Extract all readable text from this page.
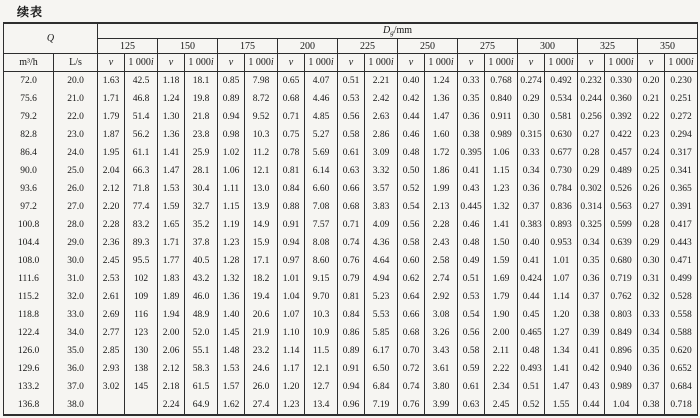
续表
Q		$D_g/mm$																			
		125		150		175		200		225		250		275		300		325		350	
m³/h	L/s	v	1 000i	v	1 000i	v	1 000i	v	1 000i	v	1 000i	v	1 000i	v	1 000i	v	1 000i	v	1 000i	v	1 000i
72.0	20.0	1.63	42.5	1.18	18.1	0.85	7.98	0.65	4.07	0.51	2.21	0.40	1.24	0.33	0.768	0.274	0.492	0.232	0.330	0.20	0.230
75.6	21.0	1.71	46.8	1.24	19.8	0.89	8.72	0.68	4.46	0.53	2.42	0.42	1.36	0.35	0.840	0.29	0.534	0.244	0.360	0.21	0.251
79.2	22.0	1.79	51.4	1.30	21.8	0.94	9.52	0.71	4.85	0.56	2.63	0.44	1.47	0.36	0.911	0.30	0.581	0.256	0.392	0.22	0.272
82.8	23.0	1.87	56.2	1.36	23.8	0.98	10.3	0.75	5.27	0.58	2.86	0.46	1.60	0.38	0.989	0.315	0.630	0.27	0.422	0.23	0.294
86.4	24.0	1.95	61.1	1.41	25.9	1.02	11.2	0.78	5.69	0.61	3.09	0.48	1.72	0.395	1.06	0.33	0.677	0.28	0.457	0.24	0.317
90.0	25.0	2.04	66.3	1.47	28.1	1.06	12.1	0.81	6.14	0.63	3.32	0.50	1.86	0.41	1.15	0.34	0.730	0.29	0.489	0.25	0.341
93.6	26.0	2.12	71.8	1.53	30.4	1.11	13.0	0.84	6.60	0.66	3.57	0.52	1.99	0.43	1.23	0.36	0.784	0.302	0.526	0.26	0.365
97.2	27.0	2.20	77.4	1.59	32.7	1.15	13.9	0.88	7.08	0.68	3.83	0.54	2.13	0.445	1.32	0.37	0.836	0.314	0.563	0.27	0.391
100.8	28.0	2.28	83.2	1.65	35.2	1.19	14.9	0.91	7.57	0.71	4.09	0.56	2.28	0.46	1.41	0.383	0.893	0.325	0.599	0.28	0.417
104.4	29.0	2.36	89.3	1.71	37.8	1.23	15.9	0.94	8.08	0.74	4.36	0.58	2.43	0.48	1.50	0.40	0.953	0.34	0.639	0.29	0.443
108.0	30.0	2.45	95.5	1.77	40.5	1.28	17.1	0.97	8.60	0.76	4.64	0.60	2.58	0.49	1.59	0.41	1.01	0.35	0.680	0.30	0.471
111.6	31.0	2.53	102	1.83	43.2	1.32	18.2	1.01	9.15	0.79	4.94	0.62	2.74	0.51	1.69	0.424	1.07	0.36	0.719	0.31	0.499
115.2	32.0	2.61	109	1.89	46.0	1.36	19.4	1.04	9.70	0.81	5.23	0.64	2.92	0.53	1.79	0.44	1.14	0.37	0.762	0.32	0.528
118.8	33.0	2.69	116	1.94	48.9	1.40	20.6	1.07	10.3	0.84	5.53	0.66	3.08	0.54	1.90	0.45	1.20	0.38	0.803	0.33	0.558
122.4	34.0	2.77	123	2.00	52.0	1.45	21.9	1.10	10.9	0.86	5.85	0.68	3.26	0.56	2.00	0.465	1.27	0.39	0.849	0.34	0.588
126.0	35.0	2.85	130	2.06	55.1	1.48	23.2	1.14	11.5	0.89	6.17	0.70	3.43	0.58	2.11	0.48	1.34	0.41	0.896	0.35	0.620
129.6	36.0	2.93	138	2.12	58.3	1.53	24.6	1.17	12.1	0.91	6.50	0.72	3.61	0.59	2.22	0.493	1.41	0.42	0.940	0.36	0.652
133.2	37.0	3.02	145	2.18	61.5	1.57	26.0	1.20	12.7	0.94	6.84	0.74	3.80	0.61	2.34	0.51	1.47	0.43	0.989	0.37	0.684
136.8	38.0			2.24	64.9	1.62	27.4	1.23	13.4	0.96	7.19	0.76	3.99	0.63	2.45	0.52	1.55	0.44	1.04	0.38	0.718
